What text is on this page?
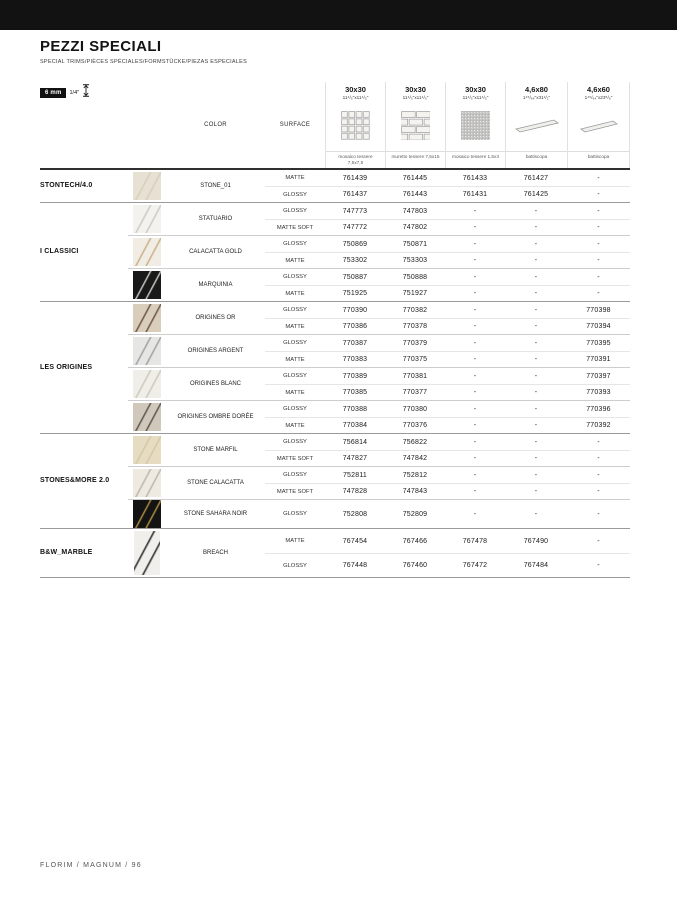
PEZZI SPECIALI
SPECIAL TRIMS/PIÈCES SPÉCIALES/FORMSTÜCKE/PIEZAS ESPECIALES
6 mm	1/4"
COLOR	SURFACE
30x30
11⁴/₅"x11⁴/₅"
mosaico tessere 7,5x7,5
30x30
11⁴/₅"x11⁴/₅"
muretto tessere 7,5x15
30x30
11⁴/₅"x11⁴/₅"
mosaico tessere 1,5x3
4,6x80
1⁴⁵/₆₄"x31¹/₂"
battiscopa
4,6x60
1⁴⁵/₆₄"x23⁵/₈"
battiscopa
STONTECH/4.0	STONE_01
MATTE	761439	761445	761433	761427	-
GLOSSY	761437	761443	761431	761425	-
I CLASSICI
STATUARIO
GLOSSY	747773	747803	-	-	-
MATTE SOFT	747772	747802	-	-	-
CALACATTA GOLD
GLOSSY	750869	750871	-	-	-
MATTE	753302	753303	-	-	-
MARQUINIA
GLOSSY	750887	750888	-	-	-
MATTE	751925	751927	-	-	-
LES ORIGINES
ORIGINES OR
GLOSSY	770390	770382	-	-	770398
MATTE	770386	770378	-	-	770394
ORIGINES ARGENT
GLOSSY	770387	770379	-	-	770395
MATTE	770383	770375	-	-	770391
ORIGINES BLANC
GLOSSY	770389	770381	-	-	770397
MATTE	770385	770377	-	-	770393
ORIGINES OMBRE DORÉE
GLOSSY	770388	770380	-	-	770396
MATTE	770384	770376	-	-	770392
STONES&MORE 2.0
STONE MARFIL
GLOSSY	756814	756822	-	-	-
MATTE SOFT	747827	747842	-	-	-
STONE CALACATTA
GLOSSY	752811	752812	-	-	-
MATTE SOFT	747828	747843	-	-	-
STONE SAHARA NOIR	GLOSSY	752808	752809	-	-	-
B&W_MARBLE	BREACH
MATTE	767454	767466	767478	767490	-
GLOSSY	767448	767460	767472	767484	-
FLORIM / MAGNUM / 96
